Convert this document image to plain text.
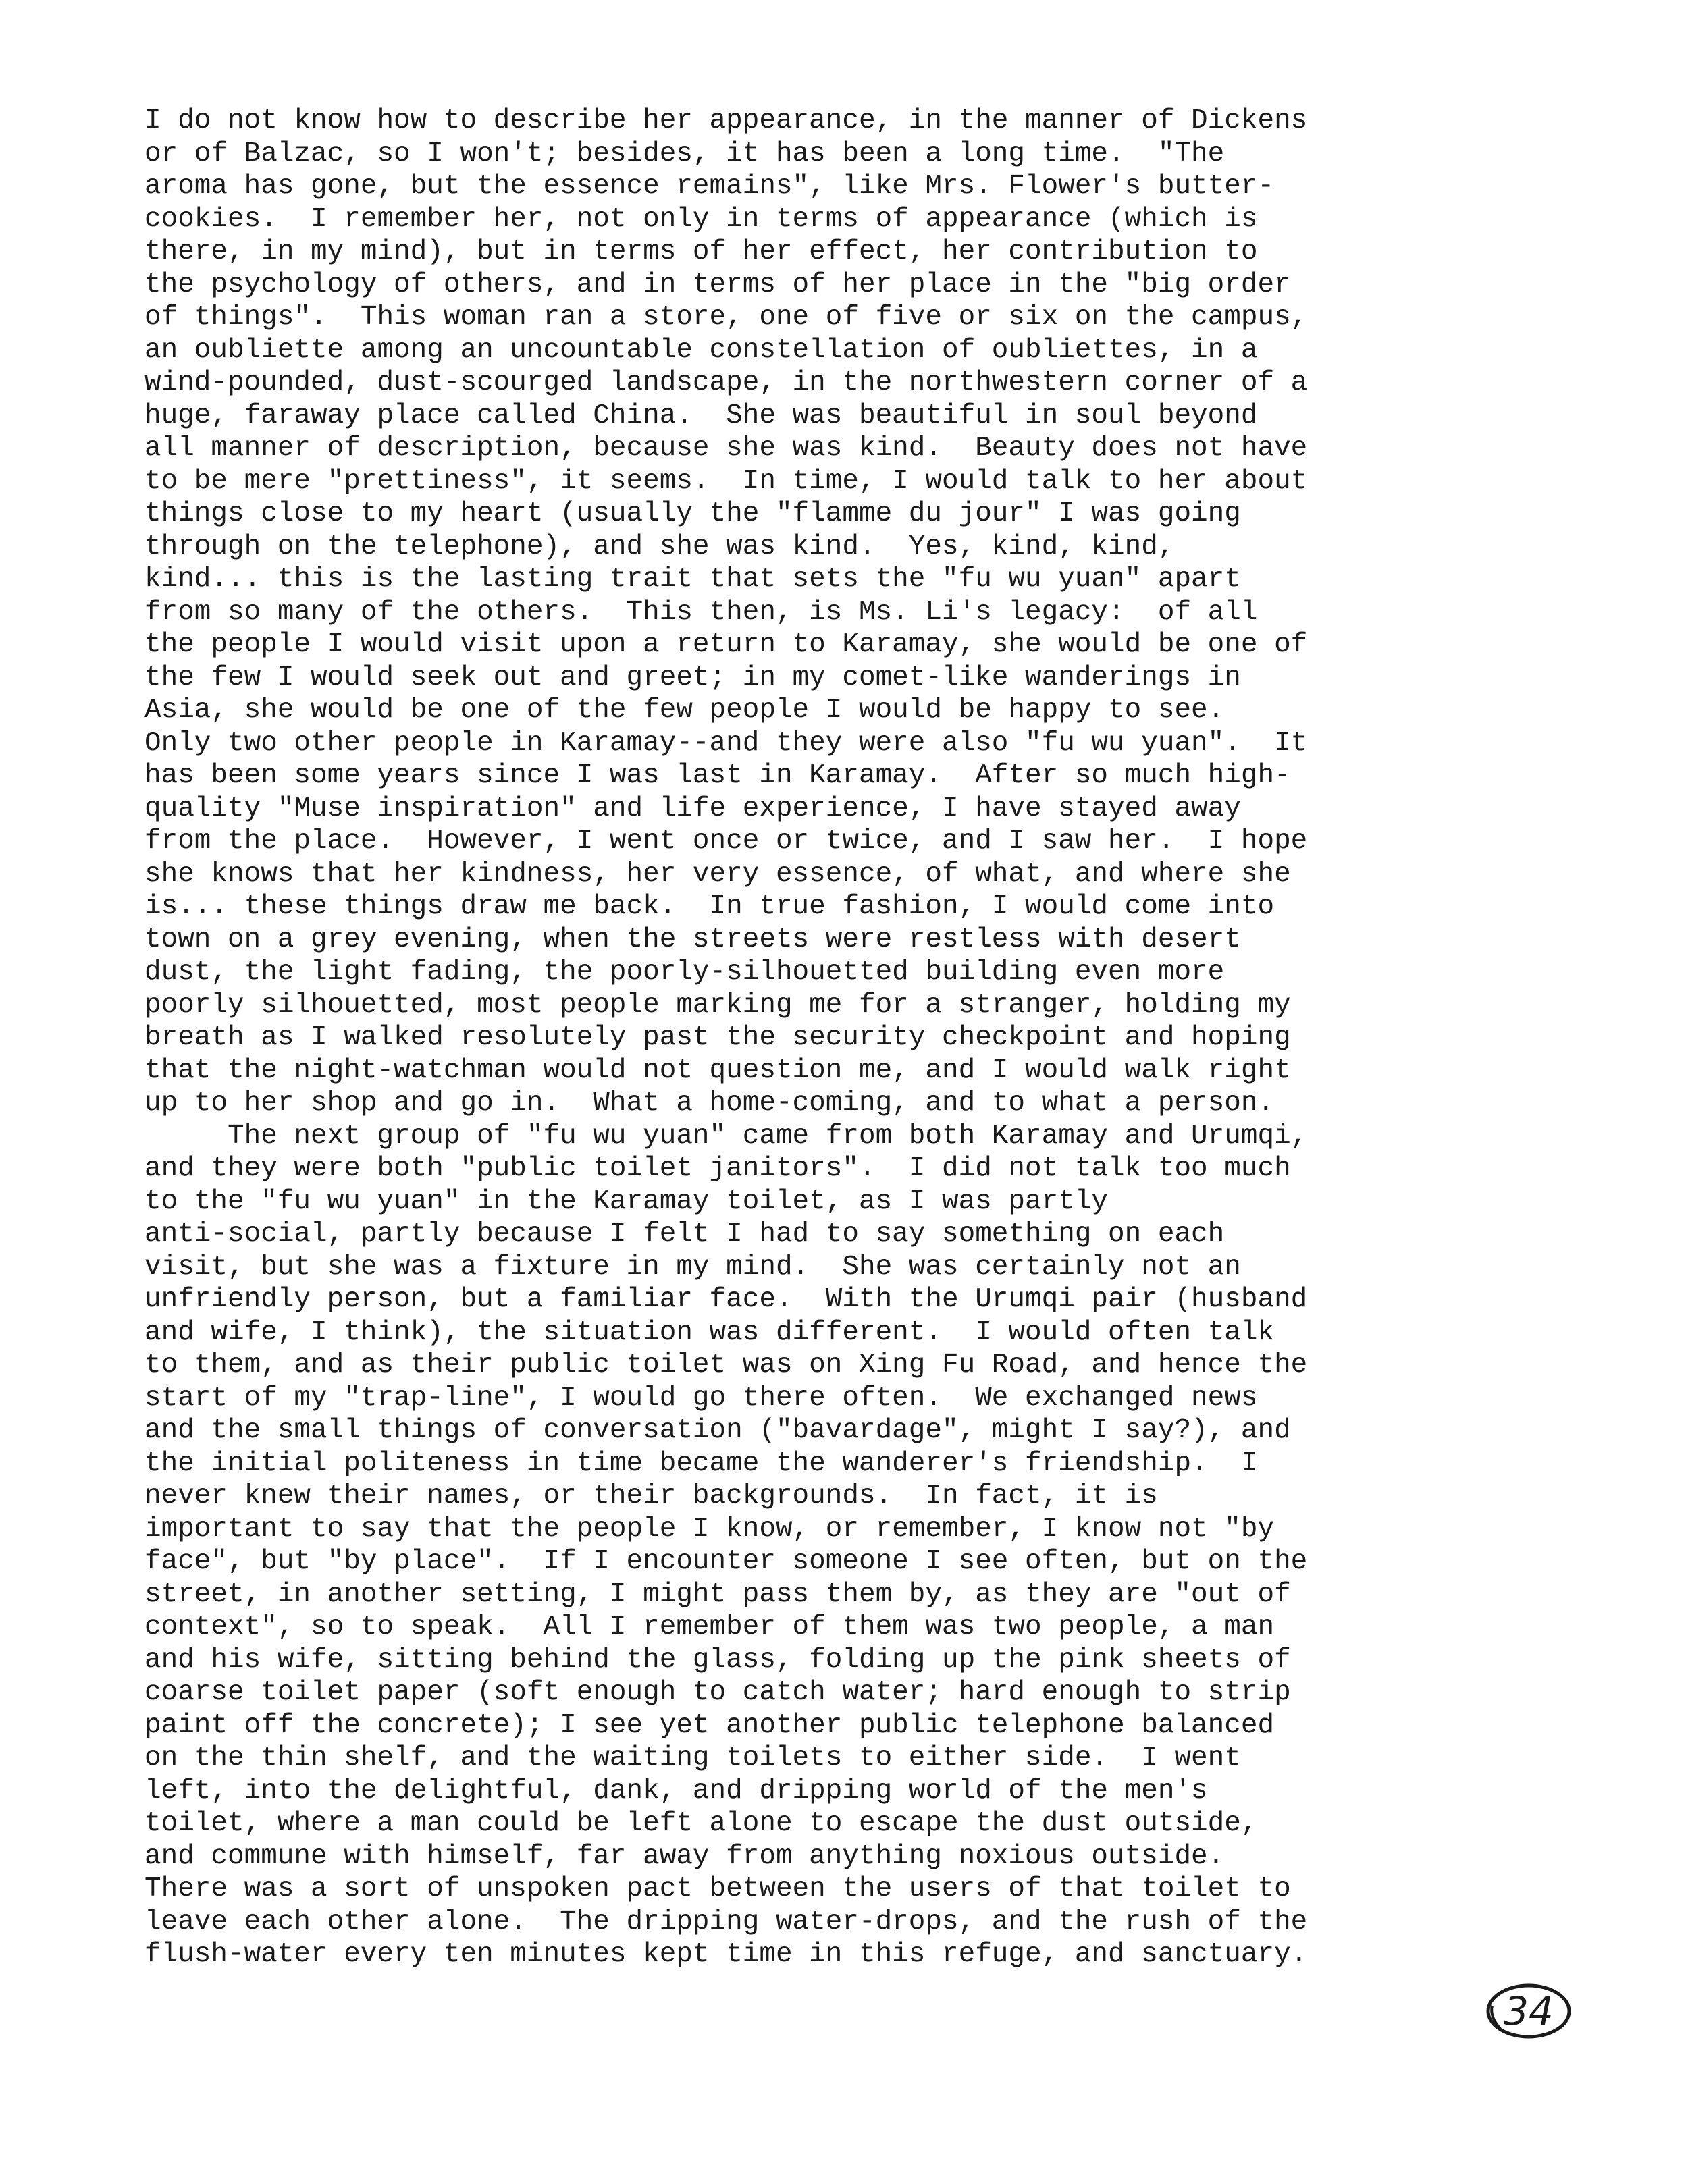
I do not know how to describe her appearance, in the manner of Dickens
or of Balzac, so I won't; besides, it has been a long time.  "The
aroma has gone, but the essence remains", like Mrs. Flower's butter-
cookies.  I remember her, not only in terms of appearance (which is
there, in my mind), but in terms of her effect, her contribution to
the psychology of others, and in terms of her place in the "big order
of things".  This woman ran a store, one of five or six on the campus,
an oubliette among an uncountable constellation of oubliettes, in a
wind-pounded, dust-scourged landscape, in the northwestern corner of a
huge, faraway place called China.  She was beautiful in soul beyond
all manner of description, because she was kind.  Beauty does not have
to be mere "prettiness", it seems.  In time, I would talk to her about
things close to my heart (usually the "flamme du jour" I was going
through on the telephone), and she was kind.  Yes, kind, kind,
kind... this is the lasting trait that sets the "fu wu yuan" apart
from so many of the others.  This then, is Ms. Li's legacy:  of all
the people I would visit upon a return to Karamay, she would be one of
the few I would seek out and greet; in my comet-like wanderings in
Asia, she would be one of the few people I would be happy to see.
Only two other people in Karamay--and they were also "fu wu yuan".  It
has been some years since I was last in Karamay.  After so much high-
quality "Muse inspiration" and life experience, I have stayed away
from the place.  However, I went once or twice, and I saw her.  I hope
she knows that her kindness, her very essence, of what, and where she
is... these things draw me back.  In true fashion, I would come into
town on a grey evening, when the streets were restless with desert
dust, the light fading, the poorly-silhouetted building even more
poorly silhouetted, most people marking me for a stranger, holding my
breath as I walked resolutely past the security checkpoint and hoping
that the night-watchman would not question me, and I would walk right
up to her shop and go in.  What a home-coming, and to what a person.
The next group of "fu wu yuan" came from both Karamay and Urumqi,
and they were both "public toilet janitors".  I did not talk too much
to the "fu wu yuan" in the Karamay toilet, as I was partly
anti-social, partly because I felt I had to say something on each
visit, but she was a fixture in my mind.  She was certainly not an
unfriendly person, but a familiar face.  With the Urumqi pair (husband
and wife, I think), the situation was different.  I would often talk
to them, and as their public toilet was on Xing Fu Road, and hence the
start of my "trap-line", I would go there often.  We exchanged news
and the small things of conversation ("bavardage", might I say?), and
the initial politeness in time became the wanderer's friendship.  I
never knew their names, or their backgrounds.  In fact, it is
important to say that the people I know, or remember, I know not "by
face", but "by place".  If I encounter someone I see often, but on the
street, in another setting, I might pass them by, as they are "out of
context", so to speak.  All I remember of them was two people, a man
and his wife, sitting behind the glass, folding up the pink sheets of
coarse toilet paper (soft enough to catch water; hard enough to strip
paint off the concrete); I see yet another public telephone balanced
on the thin shelf, and the waiting toilets to either side.  I went
left, into the delightful, dank, and dripping world of the men's
toilet, where a man could be left alone to escape the dust outside,
and commune with himself, far away from anything noxious outside.
There was a sort of unspoken pact between the users of that toilet to
leave each other alone.  The dripping water-drops, and the rush of the
flush-water every ten minutes kept time in this refuge, and sanctuary.
34
